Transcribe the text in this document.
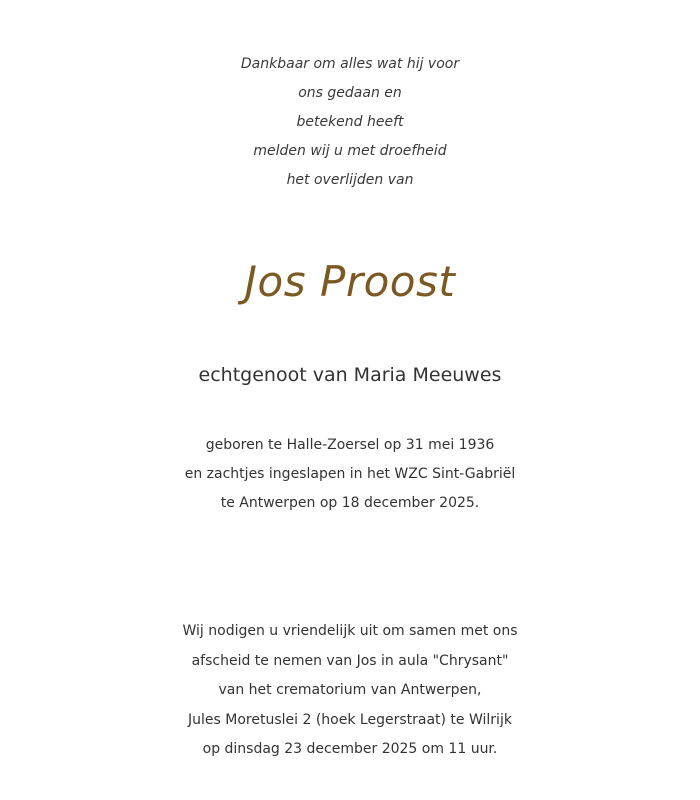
Dankbaar om alles wat hij voor
ons gedaan en
betekend heeft
melden wij u met droefheid
het overlijden van
Jos Proost
echtgenoot van Maria Meeuwes
geboren te Halle-Zoersel op 31 mei 1936
en zachtjes ingeslapen in het WZC Sint-Gabriël
te Antwerpen op 18 december 2025.
Wij nodigen u vriendelijk uit om samen met ons
afscheid te nemen van Jos in aula "Chrysant"
van het crematorium van Antwerpen,
Jules Moretuslei 2 (hoek Legerstraat) te Wilrijk
op dinsdag 23 december 2025 om 11 uur.
